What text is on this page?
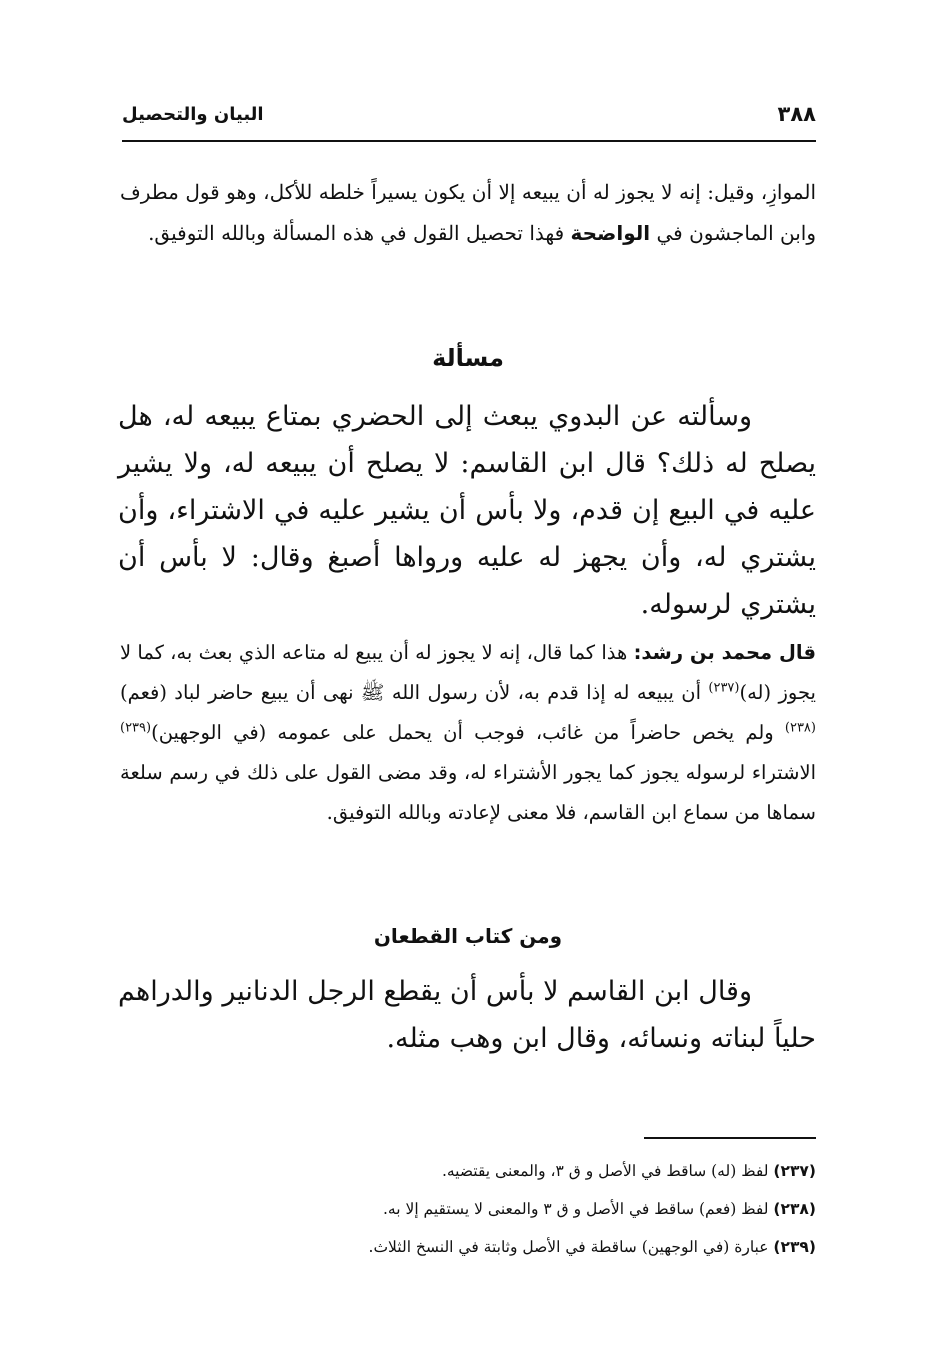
٣٨٨
البيان والتحصيل

الموازِ، وقيل: إنه لا يجوز له أن يبيعه إلا أن يكون يسيراً خلطه للأكل، وهو قول مطرف وابن الماجشون في الواضحة فهذا تحصيل القول في هذه المسألة وبالله التوفيق.

مسألة

وسألته عن البدوي يبعث إلى الحضري بمتاع يبيعه له، هل يصلح له ذلك؟ قال ابن القاسم: لا يصلح أن يبيعه له، ولا يشير عليه في البيع إن قدم، ولا بأس أن يشير عليه في الاشتراء، وأن يشتري له، وأن يجهز له عليه ورواها أصبغ وقال: لا بأس أن يشتري لرسوله.

قال محمد بن رشد: هذا كما قال، إنه لا يجوز له أن يبيع له متاعه الذي بعث به، كما لا يجوز (له)$^{(٢٣٧)}$ أن يبيعه له إذا قدم به، لأن رسول الله ﷺ نهى أن يبيع حاضر لباد (فعم)$^{(٢٣٨)}$ ولم يخص حاضراً من غائب، فوجب أن يحمل على عمومه (في الوجهين)$^{(٢٣٩)}$ الاشتراء لرسوله يجوز كما يجور الأشتراء له، وقد مضى القول على ذلك في رسم سلعة سماها من سماع ابن القاسم، فلا معنى لإعادته وبالله التوفيق.

ومن كتاب القطعان

وقال ابن القاسم لا بأس أن يقطع الرجل الدنانير والدراهم حلياً لبناته ونسائه، وقال ابن وهب مثله.

(٢٣٧) لفظ (له) ساقط في الأصل و ق ٣، والمعنى يقتضيه.
(٢٣٨) لفظ (فعم) ساقط في الأصل و ق ٣ والمعنى لا يستقيم إلا به.
(٢٣٩) عبارة (في الوجهين) ساقطة في الأصل وثابتة في النسخ الثلاث.
